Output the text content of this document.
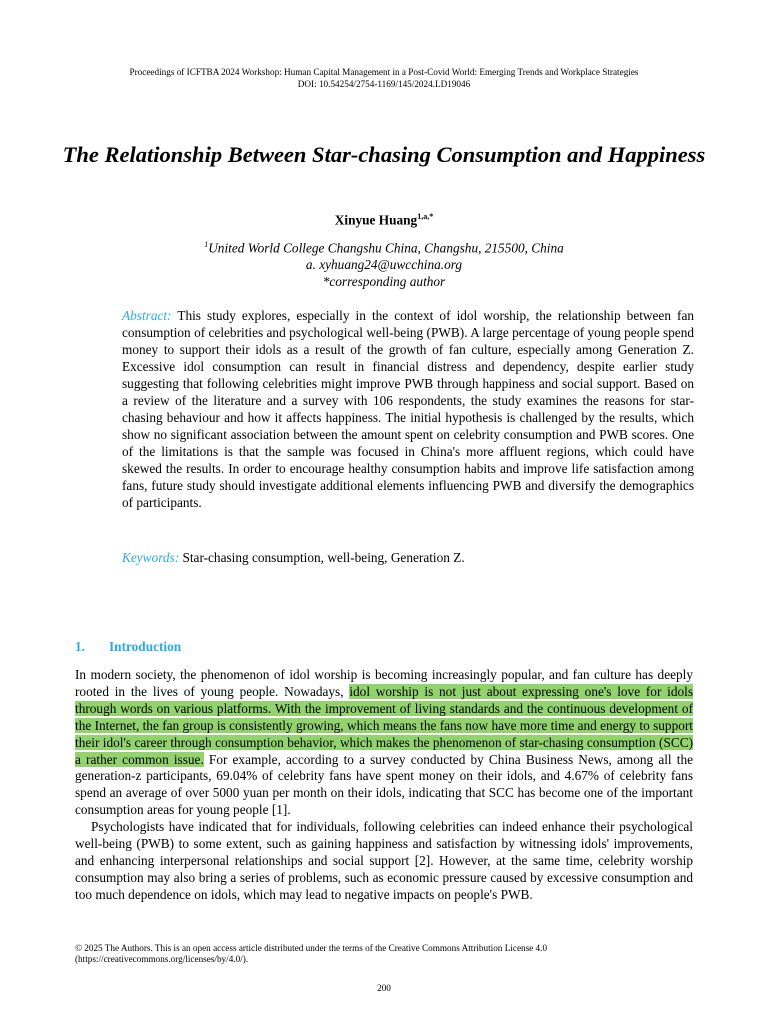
Proceedings of ICFTBA 2024 Workshop: Human Capital Management in a Post-Covid World: Emerging Trends and Workplace Strategies
DOI: 10.54254/2754-1169/145/2024.LD19046
The Relationship Between Star-chasing Consumption and Happiness
Xinyue Huang$^{1,a,*}$
$^1$United World College Changshu China, Changshu, 215500, China
a. xyhuang24@uwcchina.org
*corresponding author

Abstract: This study explores, especially in the context of idol worship, the relationship between fan consumption of celebrities and psychological well-being (PWB). A large percentage of young people spend money to support their idols as a result of the growth of fan culture, especially among Generation Z. Excessive idol consumption can result in financial distress and dependency, despite earlier study suggesting that following celebrities might improve PWB through happiness and social support. Based on a review of the literature and a survey with 106 respondents, the study examines the reasons for star-chasing behaviour and how it affects happiness. The initial hypothesis is challenged by the results, which show no significant association between the amount spent on celebrity consumption and PWB scores. One of the limitations is that the sample was focused in China's more affluent regions, which could have skewed the results. In order to encourage healthy consumption habits and improve life satisfaction among fans, future study should investigate additional elements influencing PWB and diversify the demographics of participants.

Keywords: Star-chasing consumption, well-being, Generation Z.
1. Introduction

In modern society, the phenomenon of idol worship is becoming increasingly popular, and fan culture has deeply rooted in the lives of young people. Nowadays, idol worship is not just about expressing one's love for idols through words on various platforms. With the improvement of living standards and the continuous development of the Internet, the fan group is consistently growing, which means the fans now have more time and energy to support their idol's career through consumption behavior, which makes the phenomenon of star-chasing consumption (SCC) a rather common issue. For example, according to a survey conducted by China Business News, among all the generation-z participants, 69.04% of celebrity fans have spent money on their idols, and 4.67% of celebrity fans spend an average of over 5000 yuan per month on their idols, indicating that SCC has become one of the important consumption areas for young people [1].

Psychologists have indicated that for individuals, following celebrities can indeed enhance their psychological well-being (PWB) to some extent, such as gaining happiness and satisfaction by witnessing idols' improvements, and enhancing interpersonal relationships and social support [2]. However, at the same time, celebrity worship consumption may also bring a series of problems, such as economic pressure caused by excessive consumption and too much dependence on idols, which may lead to negative impacts on people's PWB.

© 2025 The Authors. This is an open access article distributed under the terms of the Creative Commons Attribution License 4.0
(https://creativecommons.org/licenses/by/4.0/).
200
